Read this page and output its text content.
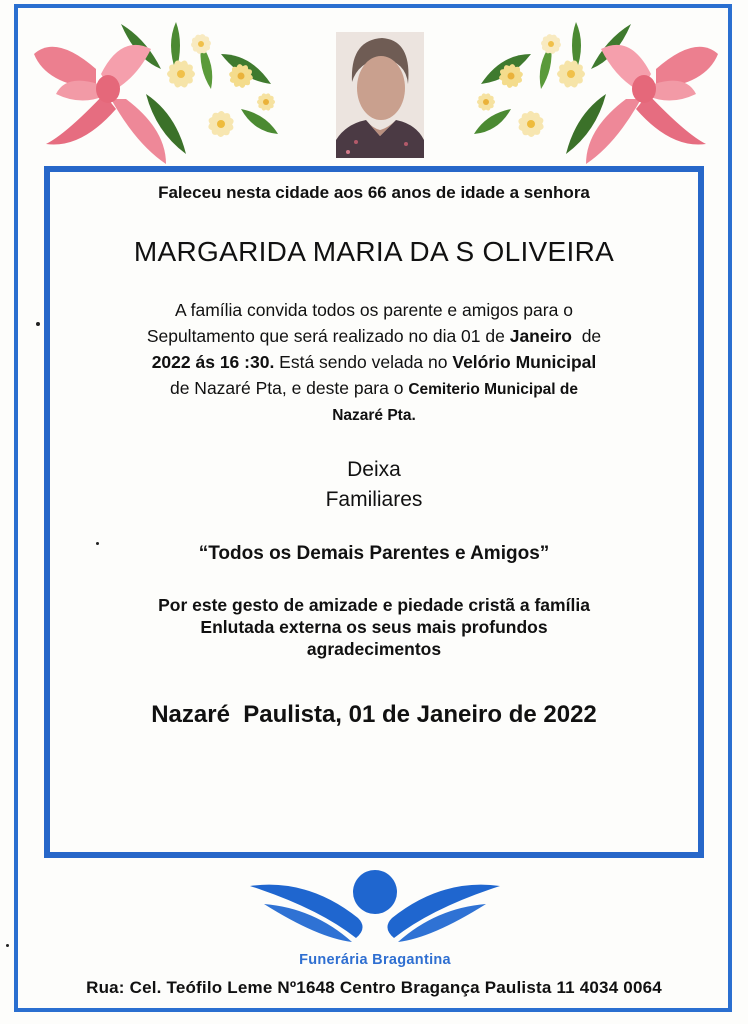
Faleceu nesta cidade aos 66 anos de idade a senhora
MARGARIDA MARIA DA S OLIVEIRA
A família convida todos os parente e amigos para o
Sepultamento que será realizado no dia 01 de Janeiro  de
2022 ás 16 :30. Está sendo velada no Velório Municipal
de Nazaré Pta, e deste para o Cemiterio Municipal de
Nazaré Pta.
Deixa
Familiares
“Todos os Demais Parentes e Amigos”
Por este gesto de amizade e piedade cristã a família
Enlutada externa os seus mais profundos
agradecimentos
Nazaré  Paulista, 01 de Janeiro de 2022
Funerária Bragantina
Rua: Cel. Teófilo Leme Nº1648 Centro Bragança Paulista 11 4034 0064
